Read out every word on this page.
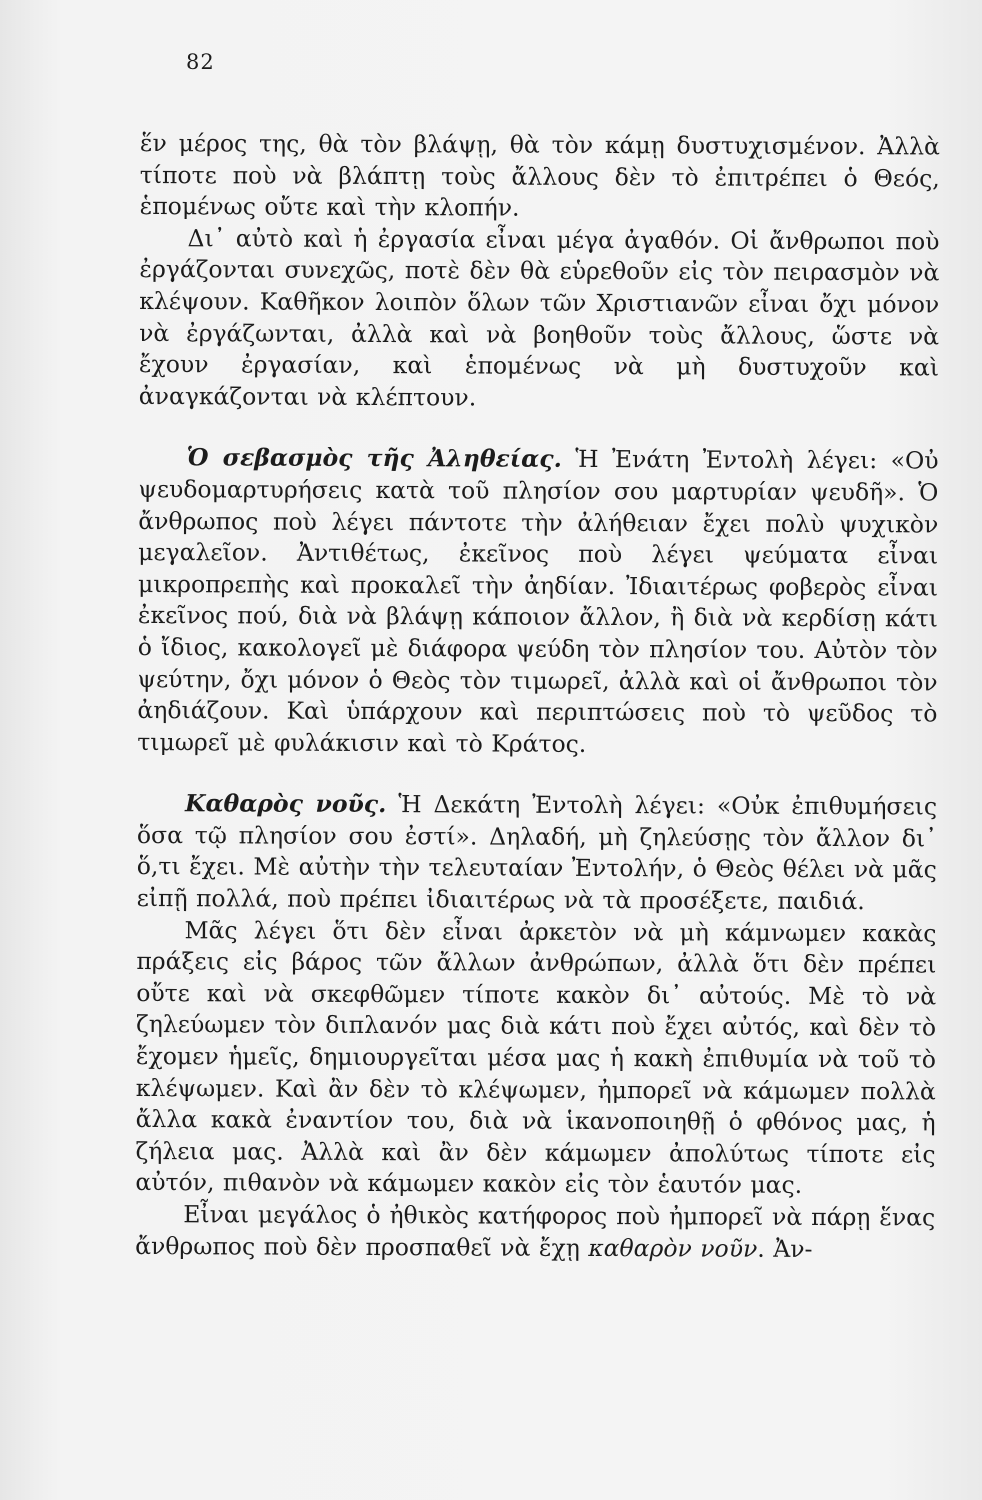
82

ἕν μέρος της, θὰ τὸν βλάψῃ, θὰ τὸν κάμῃ δυστυχισμένον. Ἀλλὰ τίποτε ποὺ νὰ βλάπτῃ τοὺς ἄλλους δὲν τὸ ἐπιτρέπει ὁ Θεός, ἑπομένως οὔτε καὶ τὴν κλοπήν.

Δι᾿ αὐτὸ καὶ ἡ ἐργασία εἶναι μέγα ἀγαθόν. Οἱ ἄνθρωποι ποὺ ἐργάζονται συνεχῶς, ποτὲ δὲν θὰ εὑρεθοῦν εἰς τὸν πειρασμὸν νὰ κλέψουν. Καθῆκον λοιπὸν ὅλων τῶν Χριστιανῶν εἶναι ὄχι μόνον νὰ ἐργάζωνται, ἀλλὰ καὶ νὰ βοηθοῦν τοὺς ἄλλους, ὥστε νὰ ἔχουν ἐργασίαν, καὶ ἑπομένως νὰ μὴ δυστυχοῦν καὶ ἀναγκάζονται νὰ κλέπτουν.

Ὁ σεβασμὸς τῆς Ἀληθείας. Ἡ Ἐνάτη Ἐντολὴ λέγει: «Οὐ ψευδομαρτυρήσεις κατὰ τοῦ πλησίον σου μαρτυρίαν ψευδῆ». Ὁ ἄνθρωπος ποὺ λέγει πάντοτε τὴν ἀλήθειαν ἔχει πολὺ ψυχικὸν μεγαλεῖον. Ἀντιθέτως, ἐκεῖνος ποὺ λέγει ψεύματα εἶναι μικροπρεπὴς καὶ προκαλεῖ τὴν ἀηδίαν. Ἰδιαιτέρως φοβερὸς εἶναι ἐκεῖνος πού, διὰ νὰ βλάψῃ κάποιον ἄλλον, ἢ διὰ νὰ κερδίσῃ κάτι ὁ ἴδιος, κακολογεῖ μὲ διάφορα ψεύδη τὸν πλησίον του. Αὐτὸν τὸν ψεύτην, ὄχι μόνον ὁ Θεὸς τὸν τιμωρεῖ, ἀλλὰ καὶ οἱ ἄνθρωποι τὸν ἀηδιάζουν. Καὶ ὑπάρχουν καὶ περιπτώσεις ποὺ τὸ ψεῦδος τὸ τιμωρεῖ μὲ φυλάκισιν καὶ τὸ Κράτος.

Καθαρὸς νοῦς. Ἡ Δεκάτη Ἐντολὴ λέγει: «Οὐκ ἐπιθυμήσεις ὅσα τῷ πλησίον σου ἐστί». Δηλαδή, μὴ ζηλεύσῃς τὸν ἄλλον δι᾿ ὅ,τι ἔχει. Μὲ αὐτὴν τὴν τελευταίαν Ἐντολήν, ὁ Θεὸς θέλει νὰ μᾶς εἰπῇ πολλά, ποὺ πρέπει ἰδιαιτέρως νὰ τὰ προσέξετε, παιδιά.

Μᾶς λέγει ὅτι δὲν εἶναι ἀρκετὸν νὰ μὴ κάμνωμεν κακὰς πράξεις εἰς βάρος τῶν ἄλλων ἀνθρώπων, ἀλλὰ ὅτι δὲν πρέπει οὔτε καὶ νὰ σκεφθῶμεν τίποτε κακὸν δι᾿ αὐτούς. Μὲ τὸ νὰ ζηλεύωμεν τὸν διπλανόν μας διὰ κάτι ποὺ ἔχει αὐτός, καὶ δὲν τὸ ἔχομεν ἡμεῖς, δημιουργεῖται μέσα μας ἡ κακὴ ἐπιθυμία νὰ τοῦ τὸ κλέψωμεν. Καὶ ἂν δὲν τὸ κλέψωμεν, ἠμπορεῖ νὰ κάμωμεν πολλὰ ἄλλα κακὰ ἐναντίον του, διὰ νὰ ἱκανοποιηθῇ ὁ φθόνος μας, ἡ ζήλεια μας. Ἀλλὰ καὶ ἂν δὲν κάμωμεν ἀπολύτως τίποτε εἰς αὐτόν, πιθανὸν νὰ κάμωμεν κακὸν εἰς τὸν ἑαυτόν μας.

Εἶναι μεγάλος ὁ ἠθικὸς κατήφορος ποὺ ἠμπορεῖ νὰ πάρῃ ἕνας ἄνθρωπος ποὺ δὲν προσπαθεῖ νὰ ἔχῃ καθαρὸν νοῦν. Ἀν-
